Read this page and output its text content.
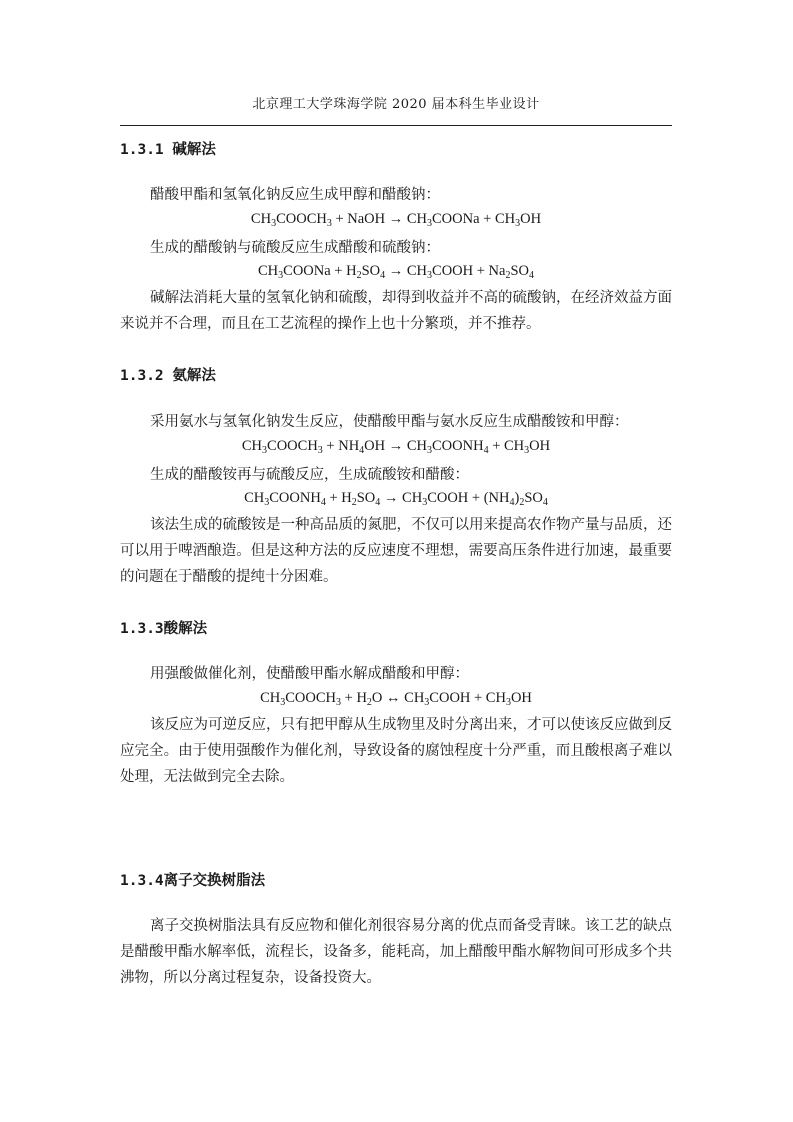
北京理工大学珠海学院 2020 届本科生毕业设计
1.3.1 碱解法
醋酸甲酯和氢氧化钠反应生成甲醇和醋酸钠：
$CH_3COOCH_3$ + NaOH → $CH_3COONa + CH_3OH$
生成的醋酸钠与硫酸反应生成醋酸和硫酸钠：
$CH_3COONa + H_2SO_4$ → $CH_3COOH + Na_2SO_4$
碱解法消耗大量的氢氧化钠和硫酸，却得到收益并不高的硫酸钠，在经济效益方面来说并不合理，而且在工艺流程的操作上也十分繁琐，并不推荐。
1.3.2 氨解法
采用氨水与氢氧化钠发生反应，使醋酸甲酯与氨水反应生成醋酸铵和甲醇：
$CH_3COOCH_3 + NH_4OH$ → $CH_3COONH_4 + CH_3OH$
生成的醋酸铵再与硫酸反应，生成硫酸铵和醋酸：
$CH_3COONH_4 + H_2SO_4$ → $CH_3COOH + (NH_4)_2SO_4$
该法生成的硫酸铵是一种高品质的氮肥，不仅可以用来提高农作物产量与品质，还可以用于啤酒酿造。但是这种方法的反应速度不理想，需要高压条件进行加速，最重要的问题在于醋酸的提纯十分困难。
1.3.3酸解法
用强酸做催化剂，使醋酸甲酯水解成醋酸和甲醇：
$CH_3COOCH_3 + H_2O$ ↔ $CH_3COOH + CH_3OH$
该反应为可逆反应，只有把甲醇从生成物里及时分离出来，才可以使该反应做到反应完全。由于使用强酸作为催化剂，导致设备的腐蚀程度十分严重，而且酸根离子难以处理，无法做到完全去除。
1.3.4离子交换树脂法
离子交换树脂法具有反应物和催化剂很容易分离的优点而备受青睐。该工艺的缺点是醋酸甲酯水解率低，流程长，设备多，能耗高，加上醋酸甲酯水解物间可形成多个共沸物，所以分离过程复杂，设备投资大。
